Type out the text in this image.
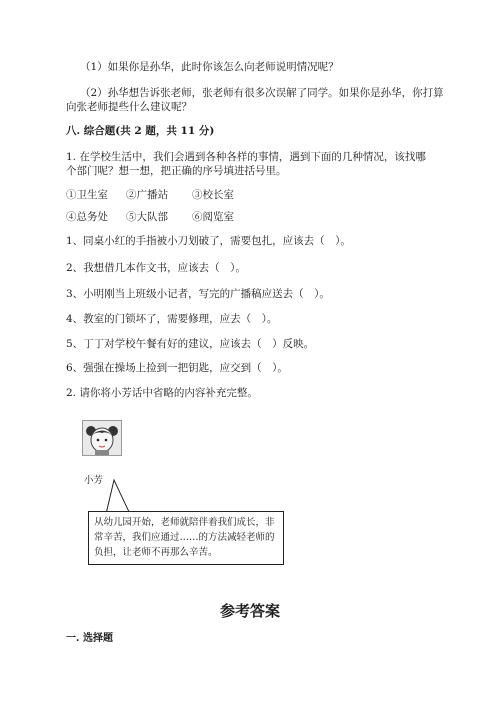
（1）如果你是孙华，此时你该怎么向老师说明情况呢？
（2）孙华想告诉张老师，张老师有很多次误解了同学。如果你是孙华，你打算
向张老师提些什么建议呢？
八. 综合题(共 2 题，共 11 分)
1. 在学校生活中，我们会遇到各种各样的事情，遇到下面的几种情况，该找哪
个部门呢？想一想，把正确的序号填进括号里。
①卫生室 ②广播站 ③校长室
④总务处 ⑤大队部 ⑥阅览室
1、同桌小红的手指被小刀划破了，需要包扎，应该去（　）。
2、我想借几本作文书，应该去（　）。
3、小明刚当上班级小记者，写完的广播稿应送去（　）。
4、教室的门锁坏了，需要修理，应去（　）。
5、丁丁对学校午餐有好的建议，应该去（　）反映。
6、强强在操场上捡到一把钥匙，应交到（　）。
2. 请你将小芳话中省略的内容补充完整。
小芳
从幼儿园开始，老师就陪伴着我们成长，非常辛苦，我们应通过……的方法减轻老师的负担，让老师不再那么辛苦。
参考答案
一. 选择题
